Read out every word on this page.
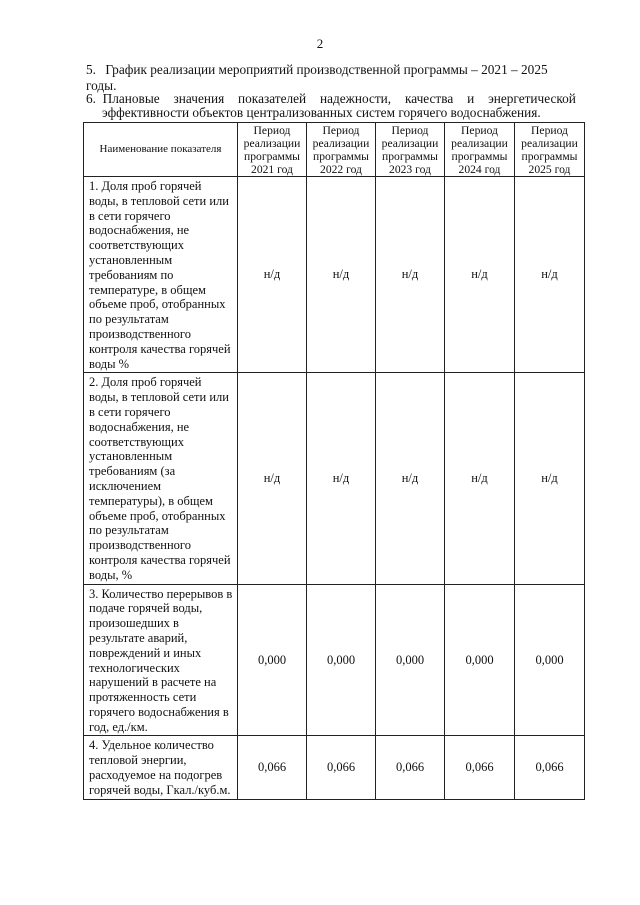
2
5. График реализации мероприятий производственной программы – 2021 – 2025 годы.
6. Плановые значения показателей надежности, качества и энергетической
эффективности объектов централизованных систем горячего водоснабжения.
Наименование показателя	Период реализации программы 2021 год	Период реализации программы 2022 год	Период реализации программы 2023 год	Период реализации программы 2024 год	Период реализации программы 2025 год
1. Доля проб горячей воды, в тепловой сети или в сети горячего водоснабжения, не соответствующих установленным требованиям по температуре, в общем объеме проб, отобранных по результатам производственного контроля качества горячей воды %	н/д	н/д	н/д	н/д	н/д
2. Доля проб горячей воды, в тепловой сети или в сети горячего водоснабжения, не соответствующих установленным требованиям (за исключением температуры), в общем объеме проб, отобранных по результатам производственного контроля качества горячей воды, %	н/д	н/д	н/д	н/д	н/д
3. Количество перерывов в подаче горячей воды, произошедших в результате аварий, повреждений и иных технологических нарушений в расчете на протяженность сети горячего водоснабжения в год, ед./км.	0,000	0,000	0,000	0,000	0,000
4. Удельное количество тепловой энергии, расходуемое на подогрев горячей воды, Гкал./куб.м.	0,066	0,066	0,066	0,066	0,066
